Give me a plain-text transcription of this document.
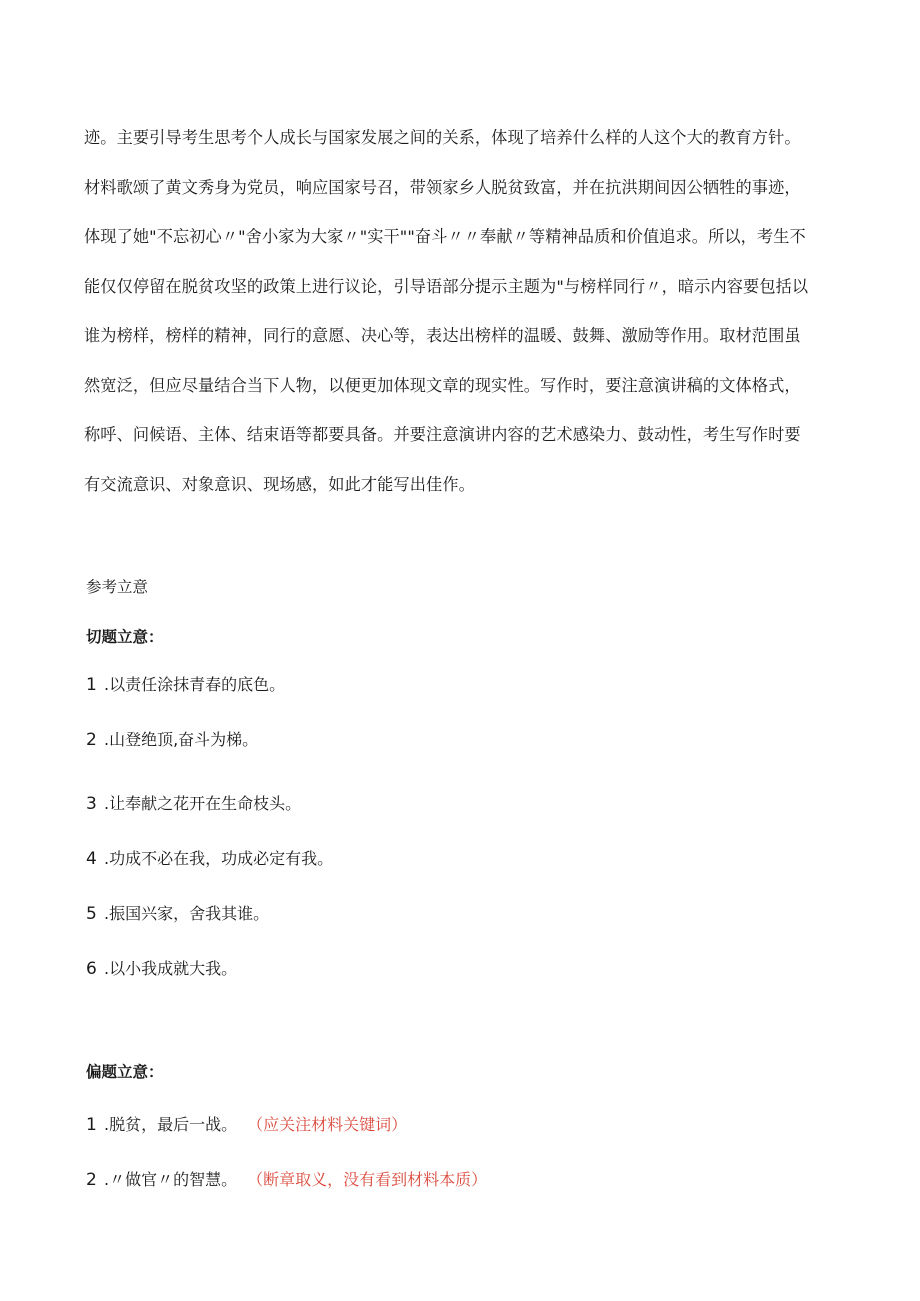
迹。主要引导考生思考个人成长与国家发展之间的关系，体现了培养什么样的人这个大的教育方针。
材料歌颂了黄文秀身为党员，响应国家号召，带领家乡人脱贫致富，并在抗洪期间因公牺牲的事迹，
体现了她"不忘初心〃"舍小家为大家〃"实干""奋斗〃〃奉献〃等精神品质和价值追求。所以，考生不
能仅仅停留在脱贫攻坚的政策上进行议论，引导语部分提示主题为"与榜样同行〃，暗示内容要包括以
谁为榜样，榜样的精神，同行的意愿、决心等，表达出榜样的温暖、鼓舞、激励等作用。取材范围虽
然宽泛，但应尽量结合当下人物，以便更加体现文章的现实性。写作时，要注意演讲稿的文体格式，
称呼、问候语、主体、结束语等都要具备。并要注意演讲内容的艺术感染力、鼓动性，考生写作时要
有交流意识、对象意识、现场感，如此才能写出佳作。

参考立意

切题立意：

1 .以责任涂抹青春的底色。

2 .山登绝顶,奋斗为梯。

3 .让奉献之花开在生命枝头。

4 .功成不必在我，功成必定有我。

5 .振国兴家，舍我其谁。

6 .以小我成就大我。

偏题立意：

1 .脱贫，最后一战。 （应关注材料关键词）

2 .〃做官〃的智慧。 （断章取义，没有看到材料本质）
